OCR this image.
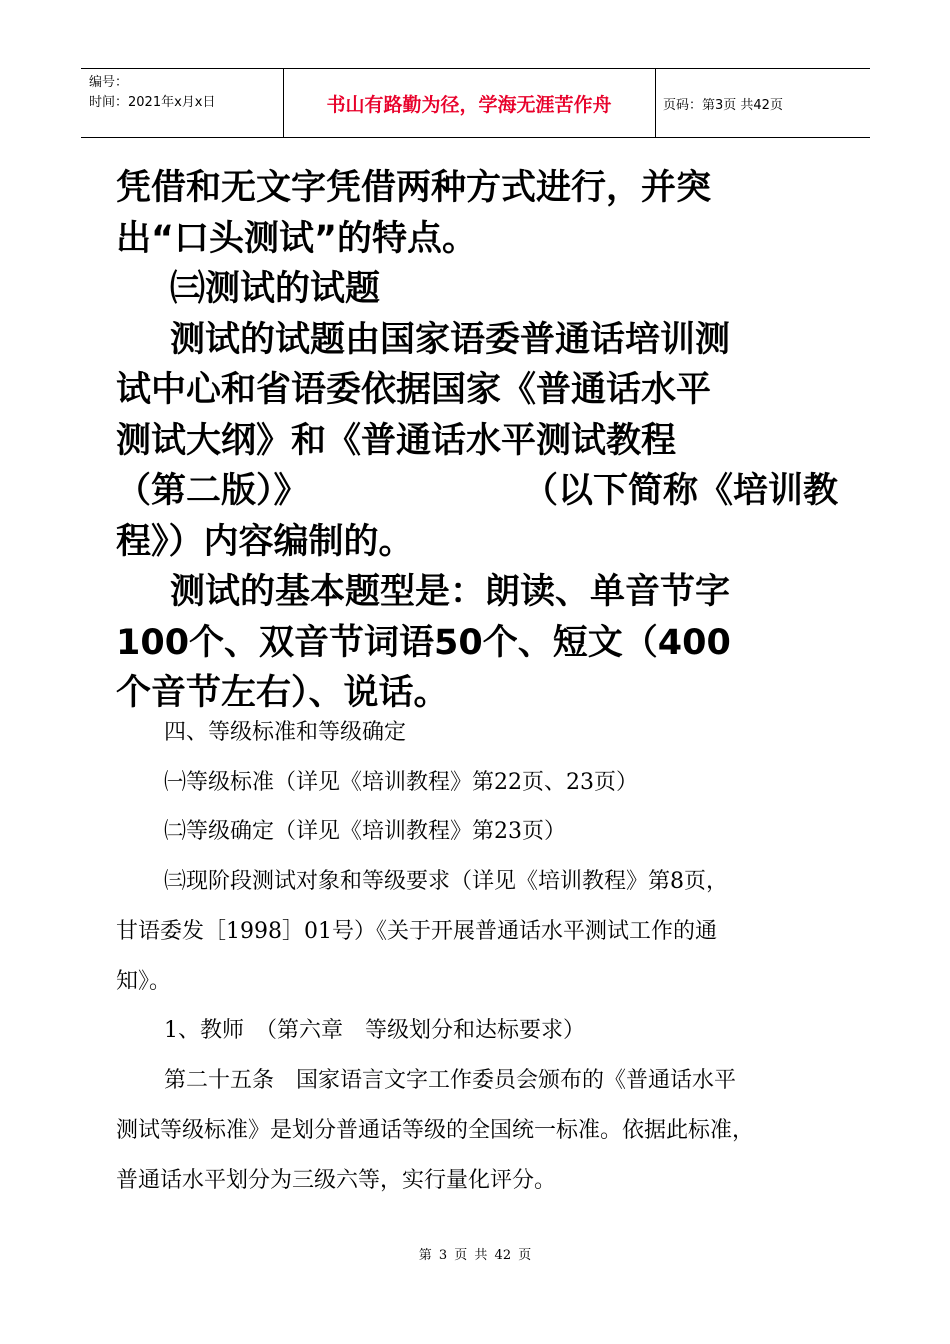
编号：
时间：2021年x月x日	书山有路勤为径，学海无涯苦作舟	页码：第3页 共42页
凭借和无文字凭借两种方式进行，并突
出“口头测试”的特点。
㈢测试的试题
测试的试题由国家语委普通话培训测
试中心和省语委依据国家《普通话水平
测试大纲》和《普通话水平测试教程
（第二版）》	（以下简称《培训教
程》）内容编制的。
测试的基本题型是：朗读、单音节字
100个、双音节词语50个、短文（400
个音节左右）、说话。
四、等级标准和等级确定
㈠等级标准（详见《培训教程》第22页、23页）
㈡等级确定（详见《培训教程》第23页）
㈢现阶段测试对象和等级要求（详见《培训教程》第8页，
甘语委发［1998］01号）《关于开展普通话水平测试工作的通
知》。
1、教师　（第六章　等级划分和达标要求）
第二十五条　国家语言文字工作委员会颁布的《普通话水平
测试等级标准》是划分普通话等级的全国统一标准。依据此标准，
普通话水平划分为三级六等，实行量化评分。
第 3 页 共 42 页
